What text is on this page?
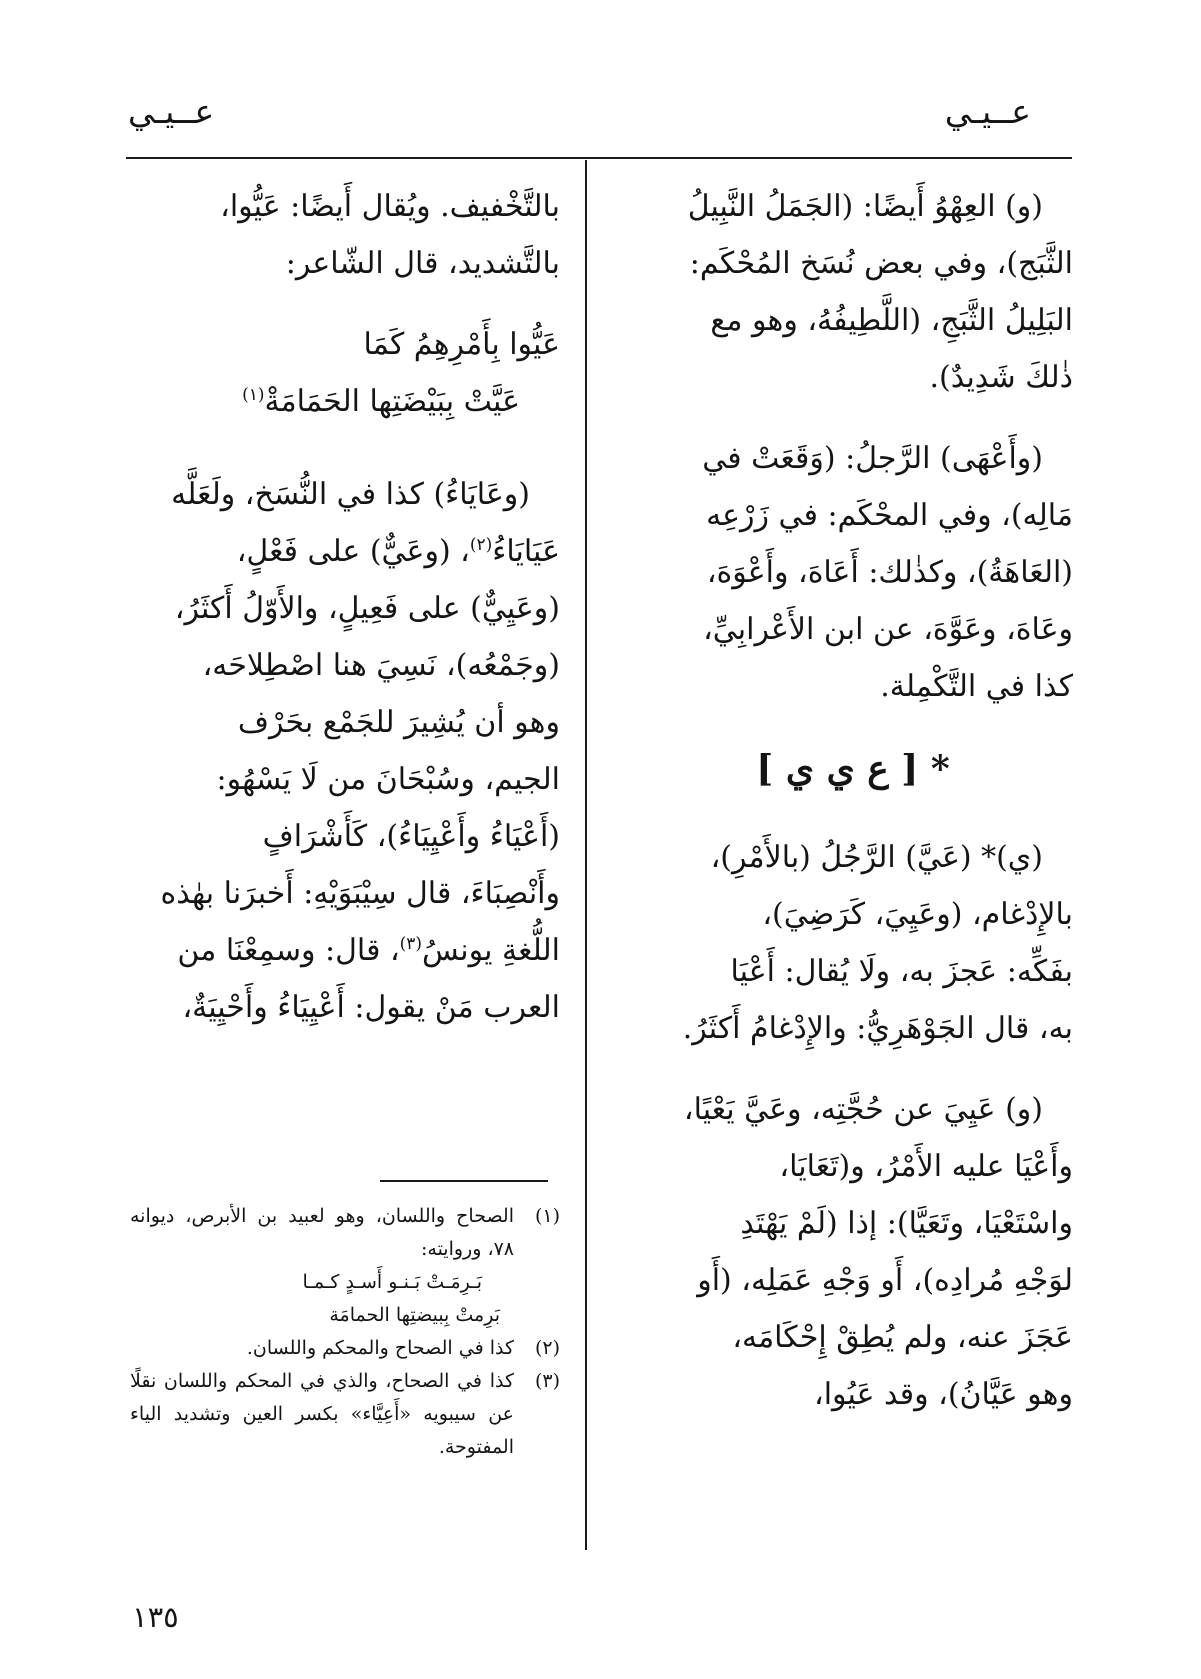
عــيـي
عــيـي

(و) العِهْوُ أَيضًا: (الجَمَلُ النَّبِيلُ
الثَّبَج)، وفي بعض نُسَخ المُحْكَم:
البَلِيلُ الثَّبَجِ، (اللَّطِيفُهُ، وهو مع
ذٰلكَ شَدِيدٌ).

(وأَعْهَى) الرَّجلُ: (وَقَعَتْ في
مَالِه)، وفي المحْكَم: في زَرْعِه
(العَاهَةُ)، وكذٰلك: أَعَاهَ، وأَعْوَهَ،
وعَاهَ، وعَوَّهَ، عن ابن الأَعْرابِيِّ،
كذا في التَّكْمِلة.

* [ ع ي ي ]

(ي)* (عَيَّ) الرَّجُلُ (بالأَمْرِ)،
بالإِدْغام، (وعَيِيَ، كَرَضِيَ)،
بفَكِّه: عَجزَ به، ولَا يُقال: أَعْيَا
به، قال الجَوْهَرِيُّ: والإِدْغامُ أَكثَرُ.

(و) عَيِيَ عن حُجَّتِه، وعَيَّ يَعْيًا،
وأَعْيَا عليه الأَمْرُ، و(تَعَايَا،
واسْتَعْيَا، وتَعَيَّا): إذا (لَمْ يَهْتَدِ
لوَجْهِ مُرادِه)، أَو وَجْهِ عَمَلِه، (أَو
عَجَزَ عنه، ولم يُطِقْ إِحْكَامَه،
وهو عَيَّانُ)، وقد عَيُوا،

بالتَّخْفيف. ويُقال أَيضًا: عَيُّوا،
بالتَّشديد، قال الشّاعر:

عَيُّوا بِأَمْرِهِمُ كَمَا
عَيَّتْ بِبَيْضَتِها الحَمَامَةْ$^{(١)}$

(وعَايَاءُ) كذا في النُّسَخ، ولَعَلَّه
عَيَايَاءُ$^{(٢)}$، (وعَيٌّ) على فَعْلٍ،
(وعَيِيٌّ) على فَعِيلٍ، والأَوّلُ أَكثَرُ،
(وجَمْعُه)، نَسِيَ هنا اصْطِلاحَه،
وهو أن يُشِيرَ للجَمْع بحَرْف
الجيم، وسُبْحَانَ من لَا يَسْهُو:
(أَعْيَاءُ وأَعْيِيَاءُ)، كَأَشْرَافٍ
وأَنْصِبَاءَ، قال سِيْبَوَيْهِ: أَخبرَنا بهٰذه
اللُّغةِ يونسُ$^{(٣)}$، قال: وسمِعْنَا من
العرب مَنْ يقول: أَعْيِيَاءُ وأَحْيِيَةٌ،

(١)
الصحاح واللسان، وهو لعبيد بن الأبرص، ديوانه ٧٨، وروايته:
بَـرِمَـتْ بَـنـو أَسـدٍ كـمـا
بَرِمتْ بِبيضتِها الحمامَة
(٢)
كذا في الصحاح والمحكم واللسان.
(٣)
كذا في الصحاح، والذي في المحكم واللسان نقلًا عن سيبويه «أَعِيَّاء» بكسر العين وتشديد الياء المفتوحة.
١٣٥
